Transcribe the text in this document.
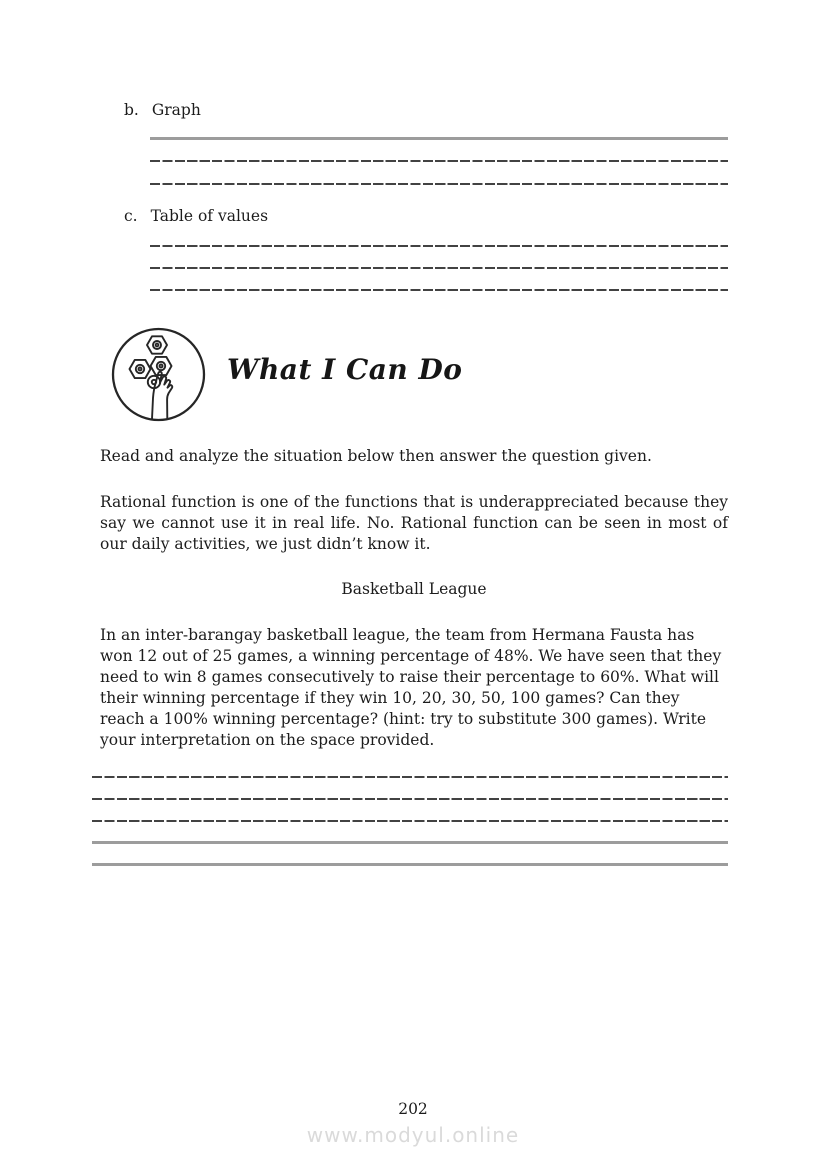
b. Graph
c. Table of values
What I Can Do
Read and analyze the situation below then answer the question given.
Rational function is one of the functions that is underappreciated because they say we cannot use it in real life. No. Rational function can be seen in most of our daily activities, we just didn’t know it.
Basketball League
In an inter-barangay basketball league, the team from Hermana Fausta has won 12 out of 25 games, a winning percentage of 48%. We have seen that they need to win 8 games consecutively to raise their percentage to 60%. What will their winning percentage if they win 10, 20, 30, 50, 100 games? Can they reach a 100% winning percentage? (hint: try to substitute 300 games). Write your interpretation on the space provided.
202
www.modyul.online
